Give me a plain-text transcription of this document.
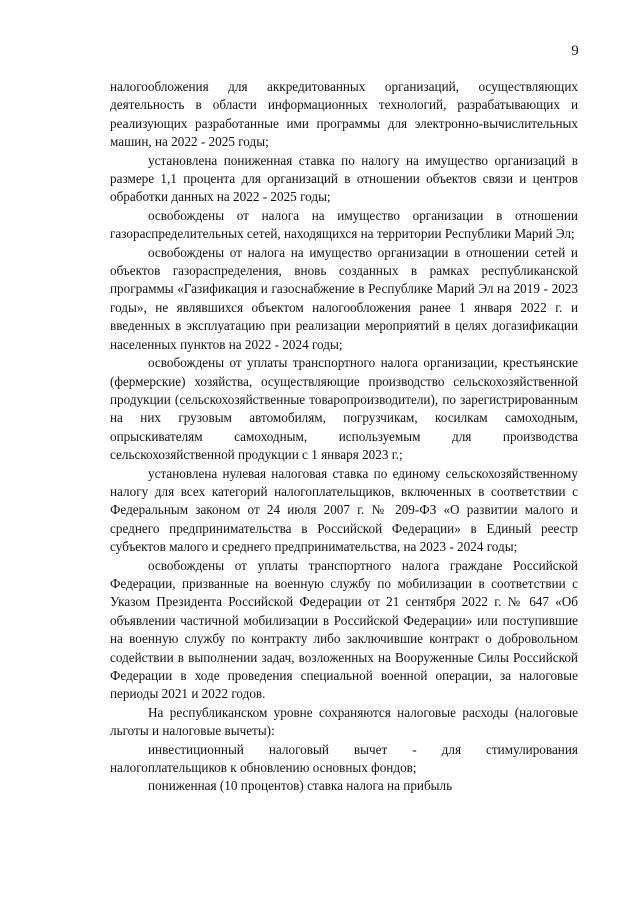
9

налогообложения для аккредитованных организаций, осуществляющих деятельность в области информационных технологий, разрабатывающих и реализующих разработанные ими программы для электронно-вычислительных машин, на 2022 - 2025 годы;

установлена пониженная ставка по налогу на имущество организаций в размере 1,1 процента для организаций в отношении объектов связи и центров обработки данных на 2022 - 2025 годы;

освобождены от налога на имущество организации в отношении газораспределительных сетей, находящихся на территории Республики Марий Эл;

освобождены от налога на имущество организации в отношении сетей и объектов газораспределения, вновь созданных в рамках республиканской программы «Газификация и газоснабжение в Республике Марий Эл на 2019 - 2023 годы», не являвшихся объектом налогообложения ранее 1 января 2022 г. и введенных в эксплуатацию при реализации мероприятий в целях догазификации населенных пунктов на 2022 - 2024 годы;

освобождены от уплаты транспортного налога организации, крестьянские (фермерские) хозяйства, осуществляющие производство сельскохозяйственной продукции (сельскохозяйственные товаропроизводители), по зарегистрированным на них грузовым автомобилям, погрузчикам, косилкам самоходным, опрыскивателям самоходным, используемым для производства сельскохозяйственной продукции с 1 января 2023 г.;

установлена нулевая налоговая ставка по единому сельскохозяйственному налогу для всех категорий налогоплательщиков, включенных в соответствии с Федеральным законом от 24 июля 2007 г. № 209-ФЗ «О развитии малого и среднего предпринимательства в Российской Федерации» в Единый реестр субъектов малого и среднего предпринимательства, на 2023 - 2024 годы;

освобождены от уплаты транспортного налога граждане Российской Федерации, призванные на военную службу по мобилизации в соответствии с Указом Президента Российской Федерации от 21 сентября 2022 г. № 647 «Об объявлении частичной мобилизации в Российской Федерации» или поступившие на военную службу по контракту либо заключившие контракт о добровольном содействии в выполнении задач, возложенных на Вооруженные Силы Российской Федерации в ходе проведения специальной военной операции, за налоговые периоды 2021 и 2022 годов.

На республиканском уровне сохраняются налоговые расходы (налоговые льготы и налоговые вычеты):

инвестиционный налоговый вычет - для стимулирования налогоплательщиков к обновлению основных фондов;

пониженная (10 процентов) ставка налога на прибыль
